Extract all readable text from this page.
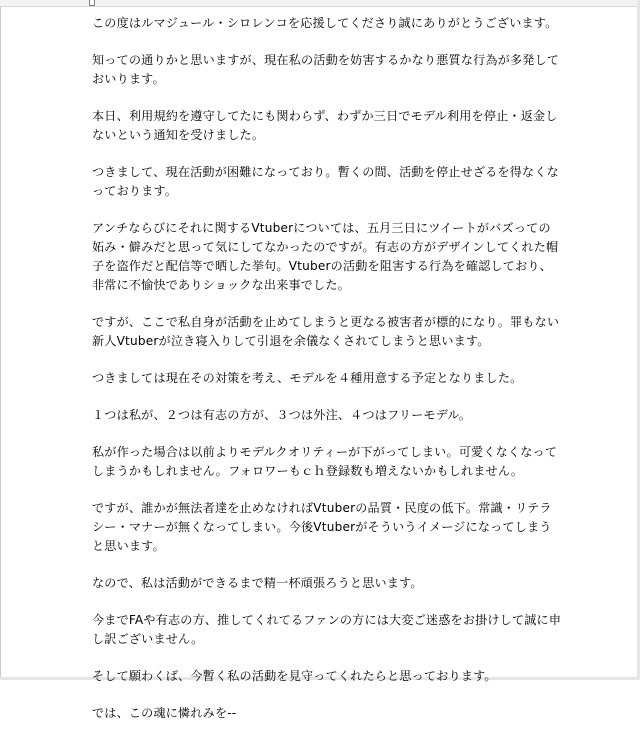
この度はルマジュール・シロレンコを応援してくださり誠にありがとうございます。

知っての通りかと思いますが、現在私の活動を妨害するかなり悪質な行為が多発しておいります。

本日、利用規約を遵守してたにも関わらず、わずか三日でモデル利用を停止・返金しないという通知を受けました。

つきまして、現在活動が困難になっており。暫くの間、活動を停止せざるを得なくなっております。

アンチならびにそれに関するVtuberについては、五月三日にツイートがバズっての妬み・僻みだと思って気にしてなかったのですが。有志の方がデザインしてくれた帽子を盗作だと配信等で晒した挙句。Vtuberの活動を阻害する行為を確認しており、非常に不愉快でありショックな出来事でした。

ですが、ここで私自身が活動を止めてしまうと更なる被害者が標的になり。罪もない新人Vtuberが泣き寝入りして引退を余儀なくされてしまうと思います。

つきましては現在その対策を考え、モデルを４種用意する予定となりました。

１つは私が、２つは有志の方が、３つは外注、４つはフリーモデル。

私が作った場合は以前よりモデルクオリティーが下がってしまい。可愛くなくなってしまうかもしれません。フォロワーもｃｈ登録数も増えないかもしれません。

ですが、誰かが無法者達を止めなければVtuberの品質・民度の低下。常識・リテラシー・マナーが無くなってしまい。今後Vtuberがそういうイメージになってしまうと思います。

なので、私は活動ができるまで精一杯頑張ろうと思います。

今までFAや有志の方、推してくれてるファンの方には大変ご迷惑をお掛けして誠に申し訳ございません。

そして願わくば、今暫く私の活動を見守ってくれたらと思っております。

では、この魂に憐れみを--
